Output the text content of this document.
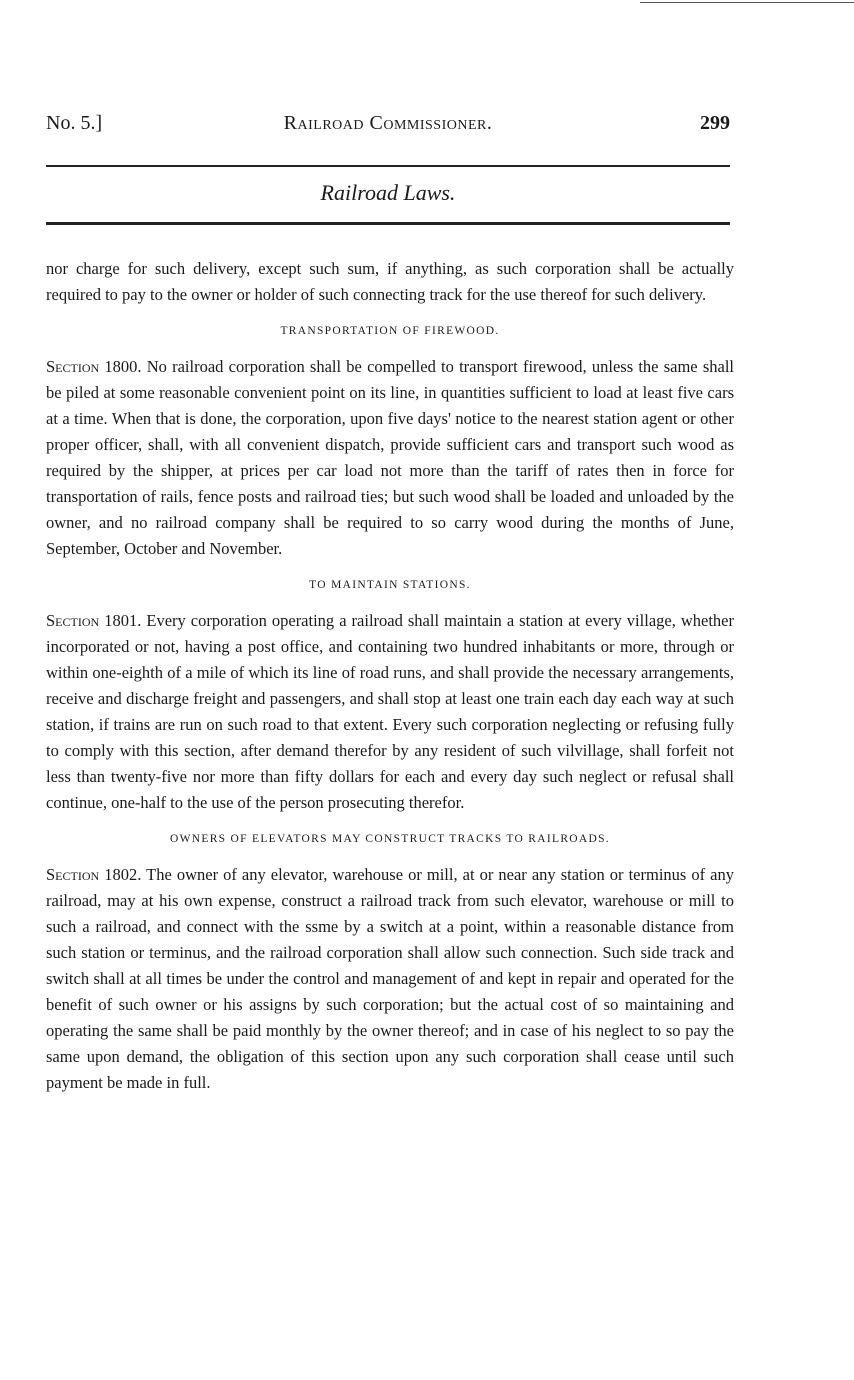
No. 5.]	Railroad Commissioner.	299
Railroad Laws.

nor charge for such delivery, except such sum, if anything, as such corporation shall be actually required to pay to the owner or holder of such connecting track for the use thereof for such delivery.

TRANSPORTATION OF FIREWOOD.

Section 1800. No railroad corporation shall be compelled to transport firewood, unless the same shall be piled at some reasonable convenient point on its line, in quantities sufficient to load at least five cars at a time. When that is done, the corporation, upon five days' notice to the nearest station agent or other proper officer, shall, with all convenient dispatch, provide sufficient cars and transport such wood as required by the shipper, at prices per car load not more than the tariff of rates then in force for transportation of rails, fence posts and railroad ties; but such wood shall be loaded and unloaded by the owner, and no railroad company shall be required to so carry wood during the months of June, September, October and November.

TO MAINTAIN STATIONS.

Section 1801. Every corporation operating a railroad shall maintain a station at every village, whether incorporated or not, having a post office, and containing two hundred inhabitants or more, through or within one-eighth of a mile of which its line of road runs, and shall provide the necessary arrangements, receive and discharge freight and passengers, and shall stop at least one train each day each way at such station, if trains are run on such road to that extent. Every such corporation neglecting or refusing fully to comply with this section, after demand therefor by any resident of such vilvillage, shall forfeit not less than twenty-five nor more than fifty dollars for each and every day such neglect or refusal shall continue, one-half to the use of the person prosecuting therefor.

OWNERS OF ELEVATORS MAY CONSTRUCT TRACKS TO RAILROADS.

Section 1802. The owner of any elevator, warehouse or mill, at or near any station or terminus of any railroad, may at his own expense, construct a railroad track from such elevator, warehouse or mill to such a railroad, and connect with the ssme by a switch at a point, within a reasonable distance from such station or terminus, and the railroad corporation shall allow such connection. Such side track and switch shall at all times be under the control and management of and kept in repair and operated for the benefit of such owner or his assigns by such corporation; but the actual cost of so maintaining and operating the same shall be paid monthly by the owner thereof; and in case of his neglect to so pay the same upon demand, the obligation of this section upon any such corporation shall cease until such payment be made in full.
